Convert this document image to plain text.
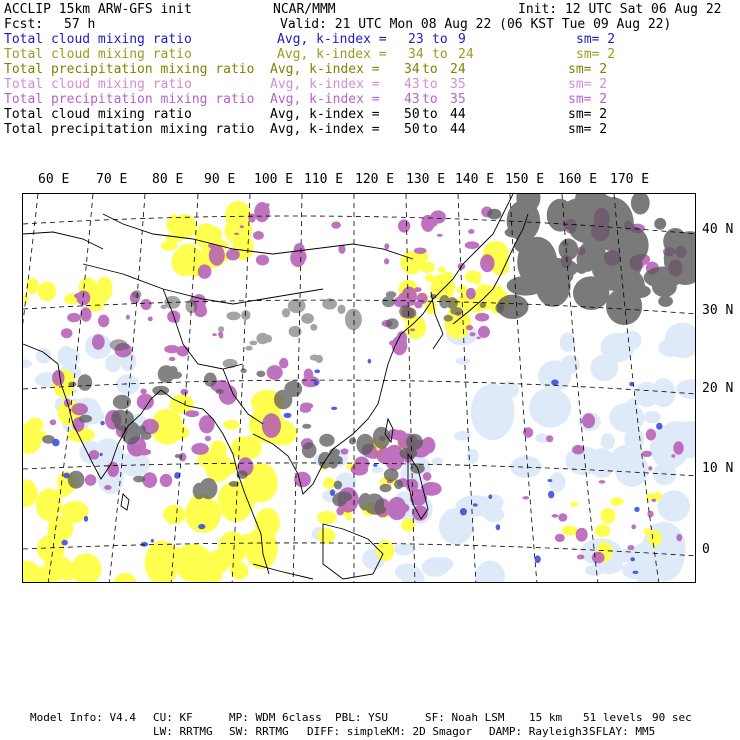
ACCLIP 15km ARW-GFS init	NCAR/MMM	Init: 12 UTC Sat 06 Aug 22
Fcst: 57 h	Valid: 21 UTC Mon 08 Aug 22 (06 KST Tue 09 Aug 22)
Total cloud mixing ratio	Avg, k-index = 23 to 9	sm= 2
Total cloud mixing ratio	Avg, k-index = 34 to 24	sm= 2
Total precipitation mixing ratio Avg, k-index = 34 to 24	sm= 2
Total cloud mixing ratio	Avg, k-index = 43 to 35	sm= 2
Total precipitation mixing ratio Avg, k-index = 43 to 35	sm= 2
Total cloud mixing ratio	Avg, k-index = 50 to 44	sm= 2
Total precipitation mixing ratio Avg, k-index = 50 to 44	sm= 2
60 E 70 E 80 E 90 E 100 E 110 E 120 E 130 E 140 E 150 E 160 E 170 E
40 N
30 N
20 N
10 N
0
Model Info: V4.4 CU: KF	MP: WDM 6class PBL: YSU	SF: Noah LSM 15 km 51 levels 90 sec
LW: RRTMG SW: RRTMG DIFF: simple KM: 2D Smagor DAMP: Rayleigh3 SFLAY: MM5
